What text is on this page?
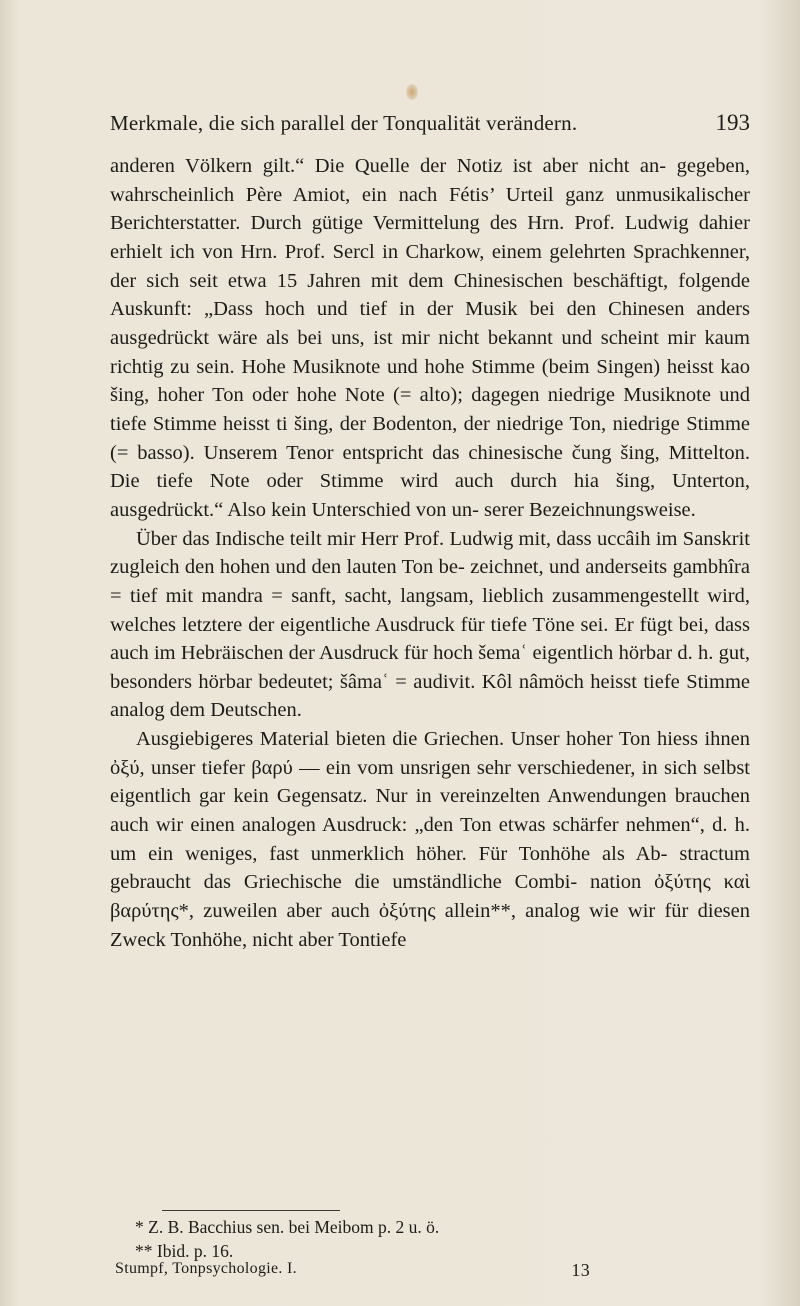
Merkmale, die sich parallel der Tonqualität verändern.	193

anderen Völkern gilt.“ Die Quelle der Notiz ist aber nicht an- gegeben, wahrscheinlich Père Amiot, ein nach Fétis’ Urteil ganz unmusikalischer Berichterstatter. Durch gütige Vermittelung des Hrn. Prof. Ludwig dahier erhielt ich von Hrn. Prof. Sercl in Charkow, einem gelehrten Sprachkenner, der sich seit etwa 15 Jahren mit dem Chinesischen beschäftigt, folgende Auskunft: „Dass hoch und tief in der Musik bei den Chinesen anders ausgedrückt wäre als bei uns, ist mir nicht bekannt und scheint mir kaum richtig zu sein. Hohe Musiknote und hohe Stimme (beim Singen) heisst kao šing, hoher Ton oder hohe Note (= alto); dagegen niedrige Musiknote und tiefe Stimme heisst ti šing, der Bodenton, der niedrige Ton, niedrige Stimme (= basso). Unserem Tenor entspricht das chinesische čung šing, Mittelton. Die tiefe Note oder Stimme wird auch durch hia šing, Unterton, ausgedrückt.“ Also kein Unterschied von un- serer Bezeichnungsweise.

Über das Indische teilt mir Herr Prof. Ludwig mit, dass uccâih im Sanskrit zugleich den hohen und den lauten Ton be- zeichnet, und anderseits gambhîra = tief mit mandra = sanft, sacht, langsam, lieblich zusammengestellt wird, welches letztere der eigentliche Ausdruck für tiefe Töne sei. Er fügt bei, dass auch im Hebräischen der Ausdruck für hoch šemaʿ eigentlich hörbar d. h. gut, besonders hörbar bedeutet; šâmaʿ = audivit. Kôl nâmöch heisst tiefe Stimme analog dem Deutschen.

Ausgiebigeres Material bieten die Griechen. Unser hoher Ton hiess ihnen ὀξύ, unser tiefer βαρύ — ein vom unsrigen sehr verschiedener, in sich selbst eigentlich gar kein Gegensatz. Nur in vereinzelten Anwendungen brauchen auch wir einen analogen Ausdruck: „den Ton etwas schärfer nehmen“, d. h. um ein weniges, fast unmerklich höher. Für Tonhöhe als Ab- stractum gebraucht das Griechische die umständliche Combi- nation ὀξύτης καὶ βαρύτης*, zuweilen aber auch ὀξύτης allein**, analog wie wir für diesen Zweck Tonhöhe, nicht aber Tontiefe

* Z. B. Bacchius sen. bei Meibom p. 2 u. ö.
** Ibid. p. 16.
Stumpf, Tonpsychologie. I.	13
